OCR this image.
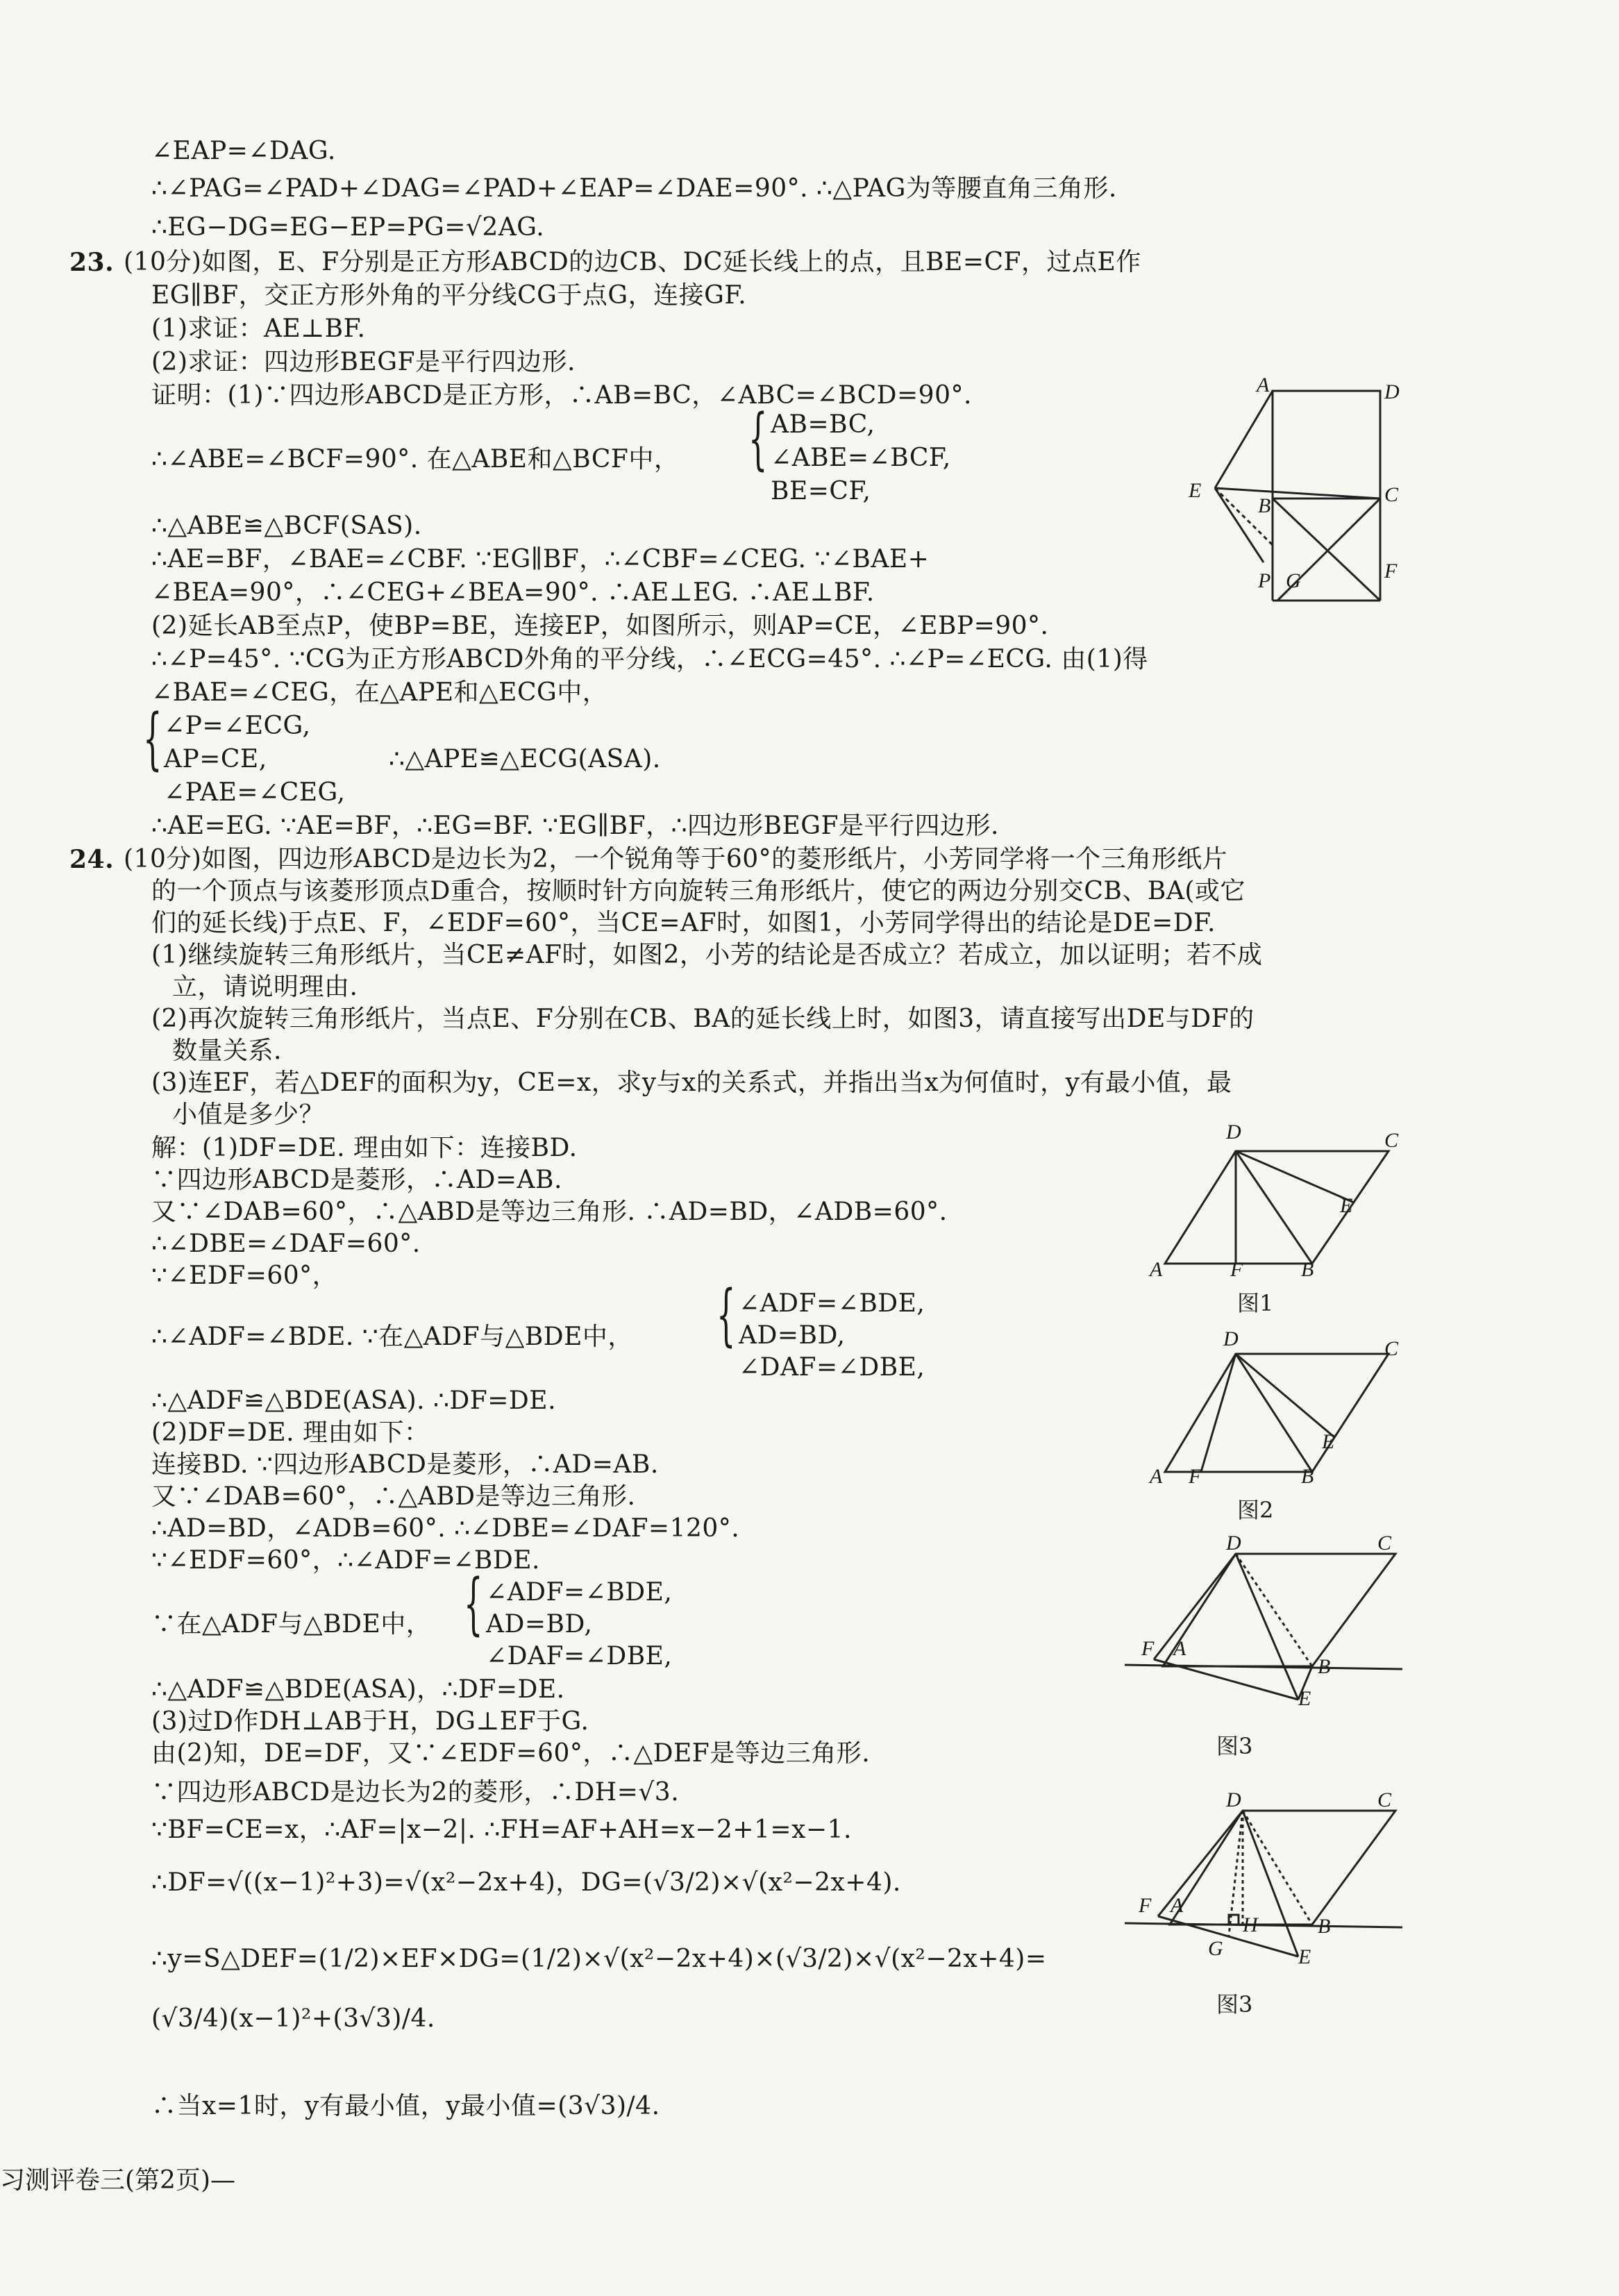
∠EAP=∠DAG.
∴∠PAG=∠PAD+∠DAG=∠PAD+∠EAP=∠DAE=90°. ∴△PAG为等腰直角三角形.
∴EG−DG=EG−EP=PG=√2AG.
23. (10分)如图，E、F分别是正方形ABCD的边CB、DC延长线上的点，且BE=CF，过点E作
EG∥BF，交正方形外角的平分线CG于点G，连接GF.
(1)求证：AE⊥BF.
(2)求证：四边形BEGF是平行四边形.
证明：(1)∵四边形ABCD是正方形，∴AB=BC，∠ABC=∠BCD=90°.
∴∠ABE=∠BCF=90°. 在△ABE和△BCF中， { AB=BC,
∠ABE=∠BCF,
BE=CF,
∴△ABE≌△BCF(SAS).
∴AE=BF，∠BAE=∠CBF. ∵EG∥BF，∴∠CBF=∠CEG. ∵∠BAE+
∠BEA=90°，∴∠CEG+∠BEA=90°. ∴AE⊥EG. ∴AE⊥BF.
(2)延长AB至点P，使BP=BE，连接EP，如图所示，则AP=CE，∠EBP=90°.
∴∠P=45°. ∵CG为正方形ABCD外角的平分线，∴∠ECG=45°. ∴∠P=∠ECG. 由(1)得
∠BAE=∠CEG，在△APE和△ECG中，
{ ∠P=∠ECG,
AP=CE,
∠PAE=∠CEG,
∴△APE≌△ECG(ASA).
∴AE=EG. ∵AE=BF，∴EG=BF. ∵EG∥BF，∴四边形BEGF是平行四边形.
A	D
E
B	C
P G	F
24. (10分)如图，四边形ABCD是边长为2，一个锐角等于60°的菱形纸片，小芳同学将一个三角形纸片
的一个顶点与该菱形顶点D重合，按顺时针方向旋转三角形纸片，使它的两边分别交CB、BA(或它
们的延长线)于点E、F，∠EDF=60°，当CE=AF时，如图1，小芳同学得出的结论是DE=DF.
(1)继续旋转三角形纸片，当CE≠AF时，如图2，小芳的结论是否成立？若成立，加以证明；若不成
立，请说明理由.
(2)再次旋转三角形纸片，当点E、F分别在CB、BA的延长线上时，如图3，请直接写出DE与DF的
数量关系.
(3)连EF，若△DEF的面积为y，CE=x，求y与x的关系式，并指出当x为何值时，y有最小值，最
小值是多少？
解：(1)DF=DE. 理由如下：连接BD.
∵四边形ABCD是菱形，∴AD=AB.
又∵∠DAB=60°，∴△ABD是等边三角形. ∴AD=BD，∠ADB=60°.
∴∠DBE=∠DAF=60°.
∵∠EDF=60°，
∴∠ADF=∠BDE. ∵在△ADF与△BDE中， { ∠ADF=∠BDE,
AD=BD,
∠DAF=∠DBE,
∴△ADF≌△BDE(ASA). ∴DF=DE.
(2)DF=DE. 理由如下：
连接BD. ∵四边形ABCD是菱形，∴AD=AB.
又∵∠DAB=60°，∴△ABD是等边三角形.
∴AD=BD，∠ADB=60°. ∴∠DBE=∠DAF=120°.
∵∠EDF=60°，∴∠ADF=∠BDE.
∵在△ADF与△BDE中， { ∠ADF=∠BDE,
AD=BD,
∠DAF=∠DBE,
∴△ADF≌△BDE(ASA)，∴DF=DE.
(3)过D作DH⊥AB于H，DG⊥EF于G.
由(2)知，DE=DF，又∵∠EDF=60°，∴△DEF是等边三角形.
∵四边形ABCD是边长为2的菱形，∴DH=√3.
∵BF=CE=x，∴AF=|x−2|. ∴FH=AF+AH=x−2+1=x−1.
∴DF=√((x−1)²+3)=√(x²−2x+4)，DG=(√3/2)×√(x²−2x+4).
∴y=S△DEF=(1/2)×EF×DG=(1/2)×√(x²−2x+4)×(√3/2)×√(x²−2x+4)=
(√3/4)(x−1)²+(3√3)/4.
∴当x=1时，y有最小值，y最小值=(3√3)/4.
D	C
E
A	F	B
图1
D	C
E
A F	B
图2
D	C
F A
B
E
图3
D	C
F A
G
H	B
E
图3
习测评卷三(第2页)—
